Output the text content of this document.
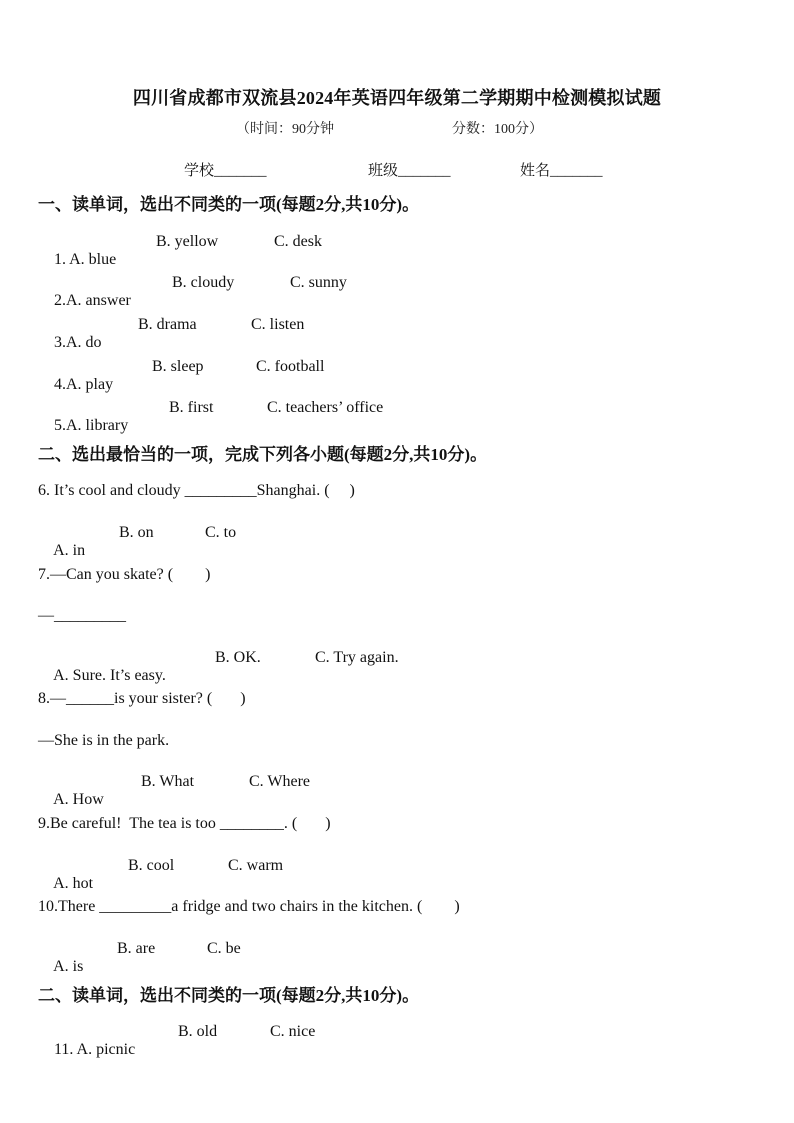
四川省成都市双流县2024年英语四年级第二学期期中检测模拟试题
（时间：90分钟	分数：100分）
学校_______	班级_______	姓名_______
一、读单词，选出不同类的一项(每题2分,共10分)。

1. A. blue

B. yellow

	C. desk

2.A. answer

B. cloudy

	C. sunny

3.A. do

B. drama

	C. listen

4.A. play

B. sleep

	C. football

5.A. library

B. first

	C. teachers’ office

二、选出最恰当的一项，完成下列各小题(每题2分,共10分)。
6. It’s cool and cloudy _________Shanghai. (     )

A. in

B. on

	C. to

7.—Can you skate? (        )
—_________

A. Sure. It’s easy.

B. OK.

	C. Try again.

8.—______is your sister? (       )
—She is in the park.

A. How

B. What

	C. Where

9.Be careful!  The tea is too ________. (       )

A. hot

B. cool

	C. warm

10.There _________a fridge and two chairs in the kitchen. (        )

A. is

B. are

	C. be

二、读单词，选出不同类的一项(每题2分,共10分)。

11. A. picnic

B. old

	C. nice
